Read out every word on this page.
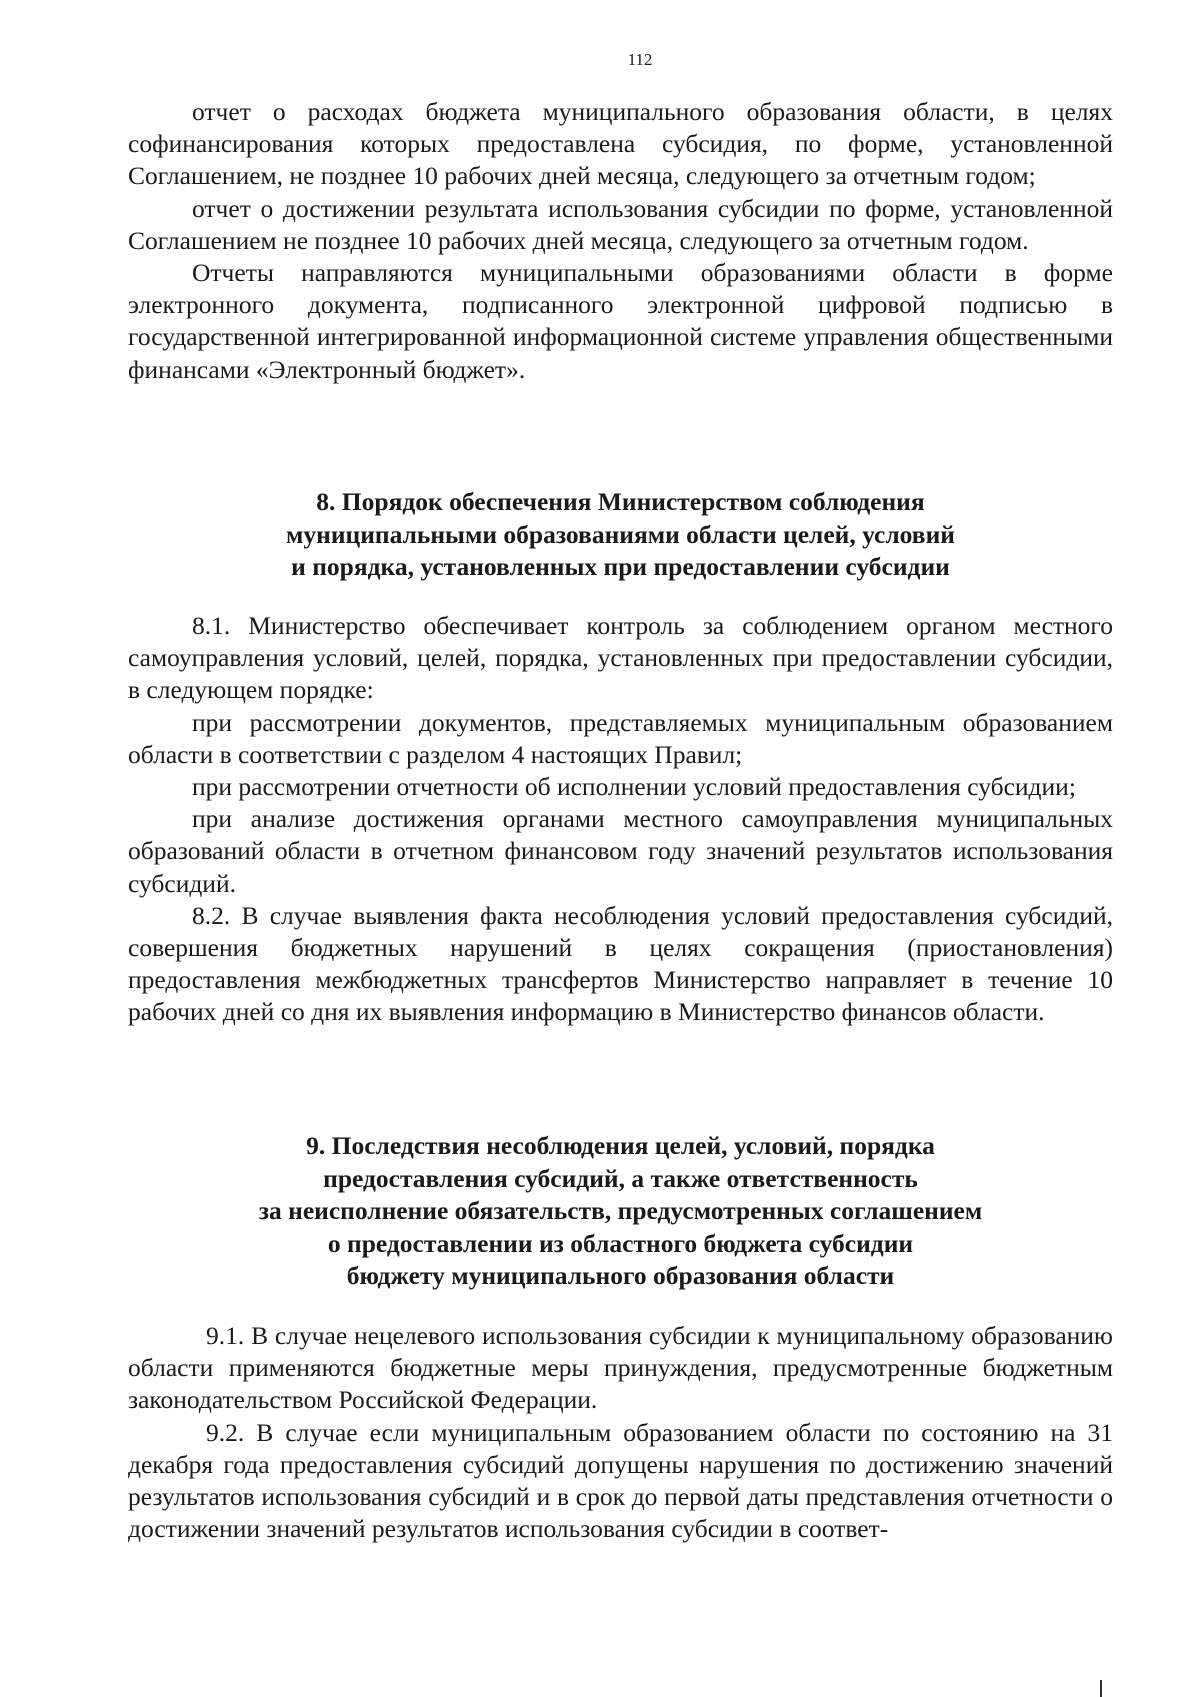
112

отчет о расходах бюджета муниципального образования области, в целях софинансирования которых предоставлена субсидия, по форме, установленной Соглашением, не позднее 10 рабочих дней месяца, следующего за отчетным годом;

отчет о достижении результата использования субсидии по форме, установленной Соглашением не позднее 10 рабочих дней месяца, следующего за отчетным годом.

Отчеты направляются муниципальными образованиями области в форме электронного документа, подписанного электронной цифровой подписью в государственной интегрированной информационной системе управления общественными финансами «Электронный бюджет».

8. Порядок обеспечения Министерством соблюдения
муниципальными образованиями области целей, условий
и порядка, установленных при предоставлении субсидии

8.1. Министерство обеспечивает контроль за соблюдением органом местного самоуправления условий, целей, порядка, установленных при предоставлении субсидии, в следующем порядке:

при рассмотрении документов, представляемых муниципальным образованием области в соответствии с разделом 4 настоящих Правил;

при рассмотрении отчетности об исполнении условий предоставления субсидии;

при анализе достижения органами местного самоуправления муниципальных образований области в отчетном финансовом году значений результатов использования субсидий.

8.2. В случае выявления факта несоблюдения условий предоставления субсидий, совершения бюджетных нарушений в целях сокращения (приостановления) предоставления межбюджетных трансфертов Министерство направляет в течение 10 рабочих дней со дня их выявления информацию в Министерство финансов области.

9. Последствия несоблюдения целей, условий, порядка
предоставления субсидий, а также ответственность
за неисполнение обязательств, предусмотренных соглашением
о предоставлении из областного бюджета субсидии
бюджету муниципального образования области

9.1. В случае нецелевого использования субсидии к муниципальному образованию области применяются бюджетные меры принуждения, предусмотренные бюджетным законодательством Российской Федерации.

9.2. В случае если муниципальным образованием области по состоянию на 31 декабря года предоставления субсидий допущены нарушения по достижению значений результатов использования субсидий и в срок до первой даты представления отчетности о достижении значений результатов использования субсидии в соответ-
